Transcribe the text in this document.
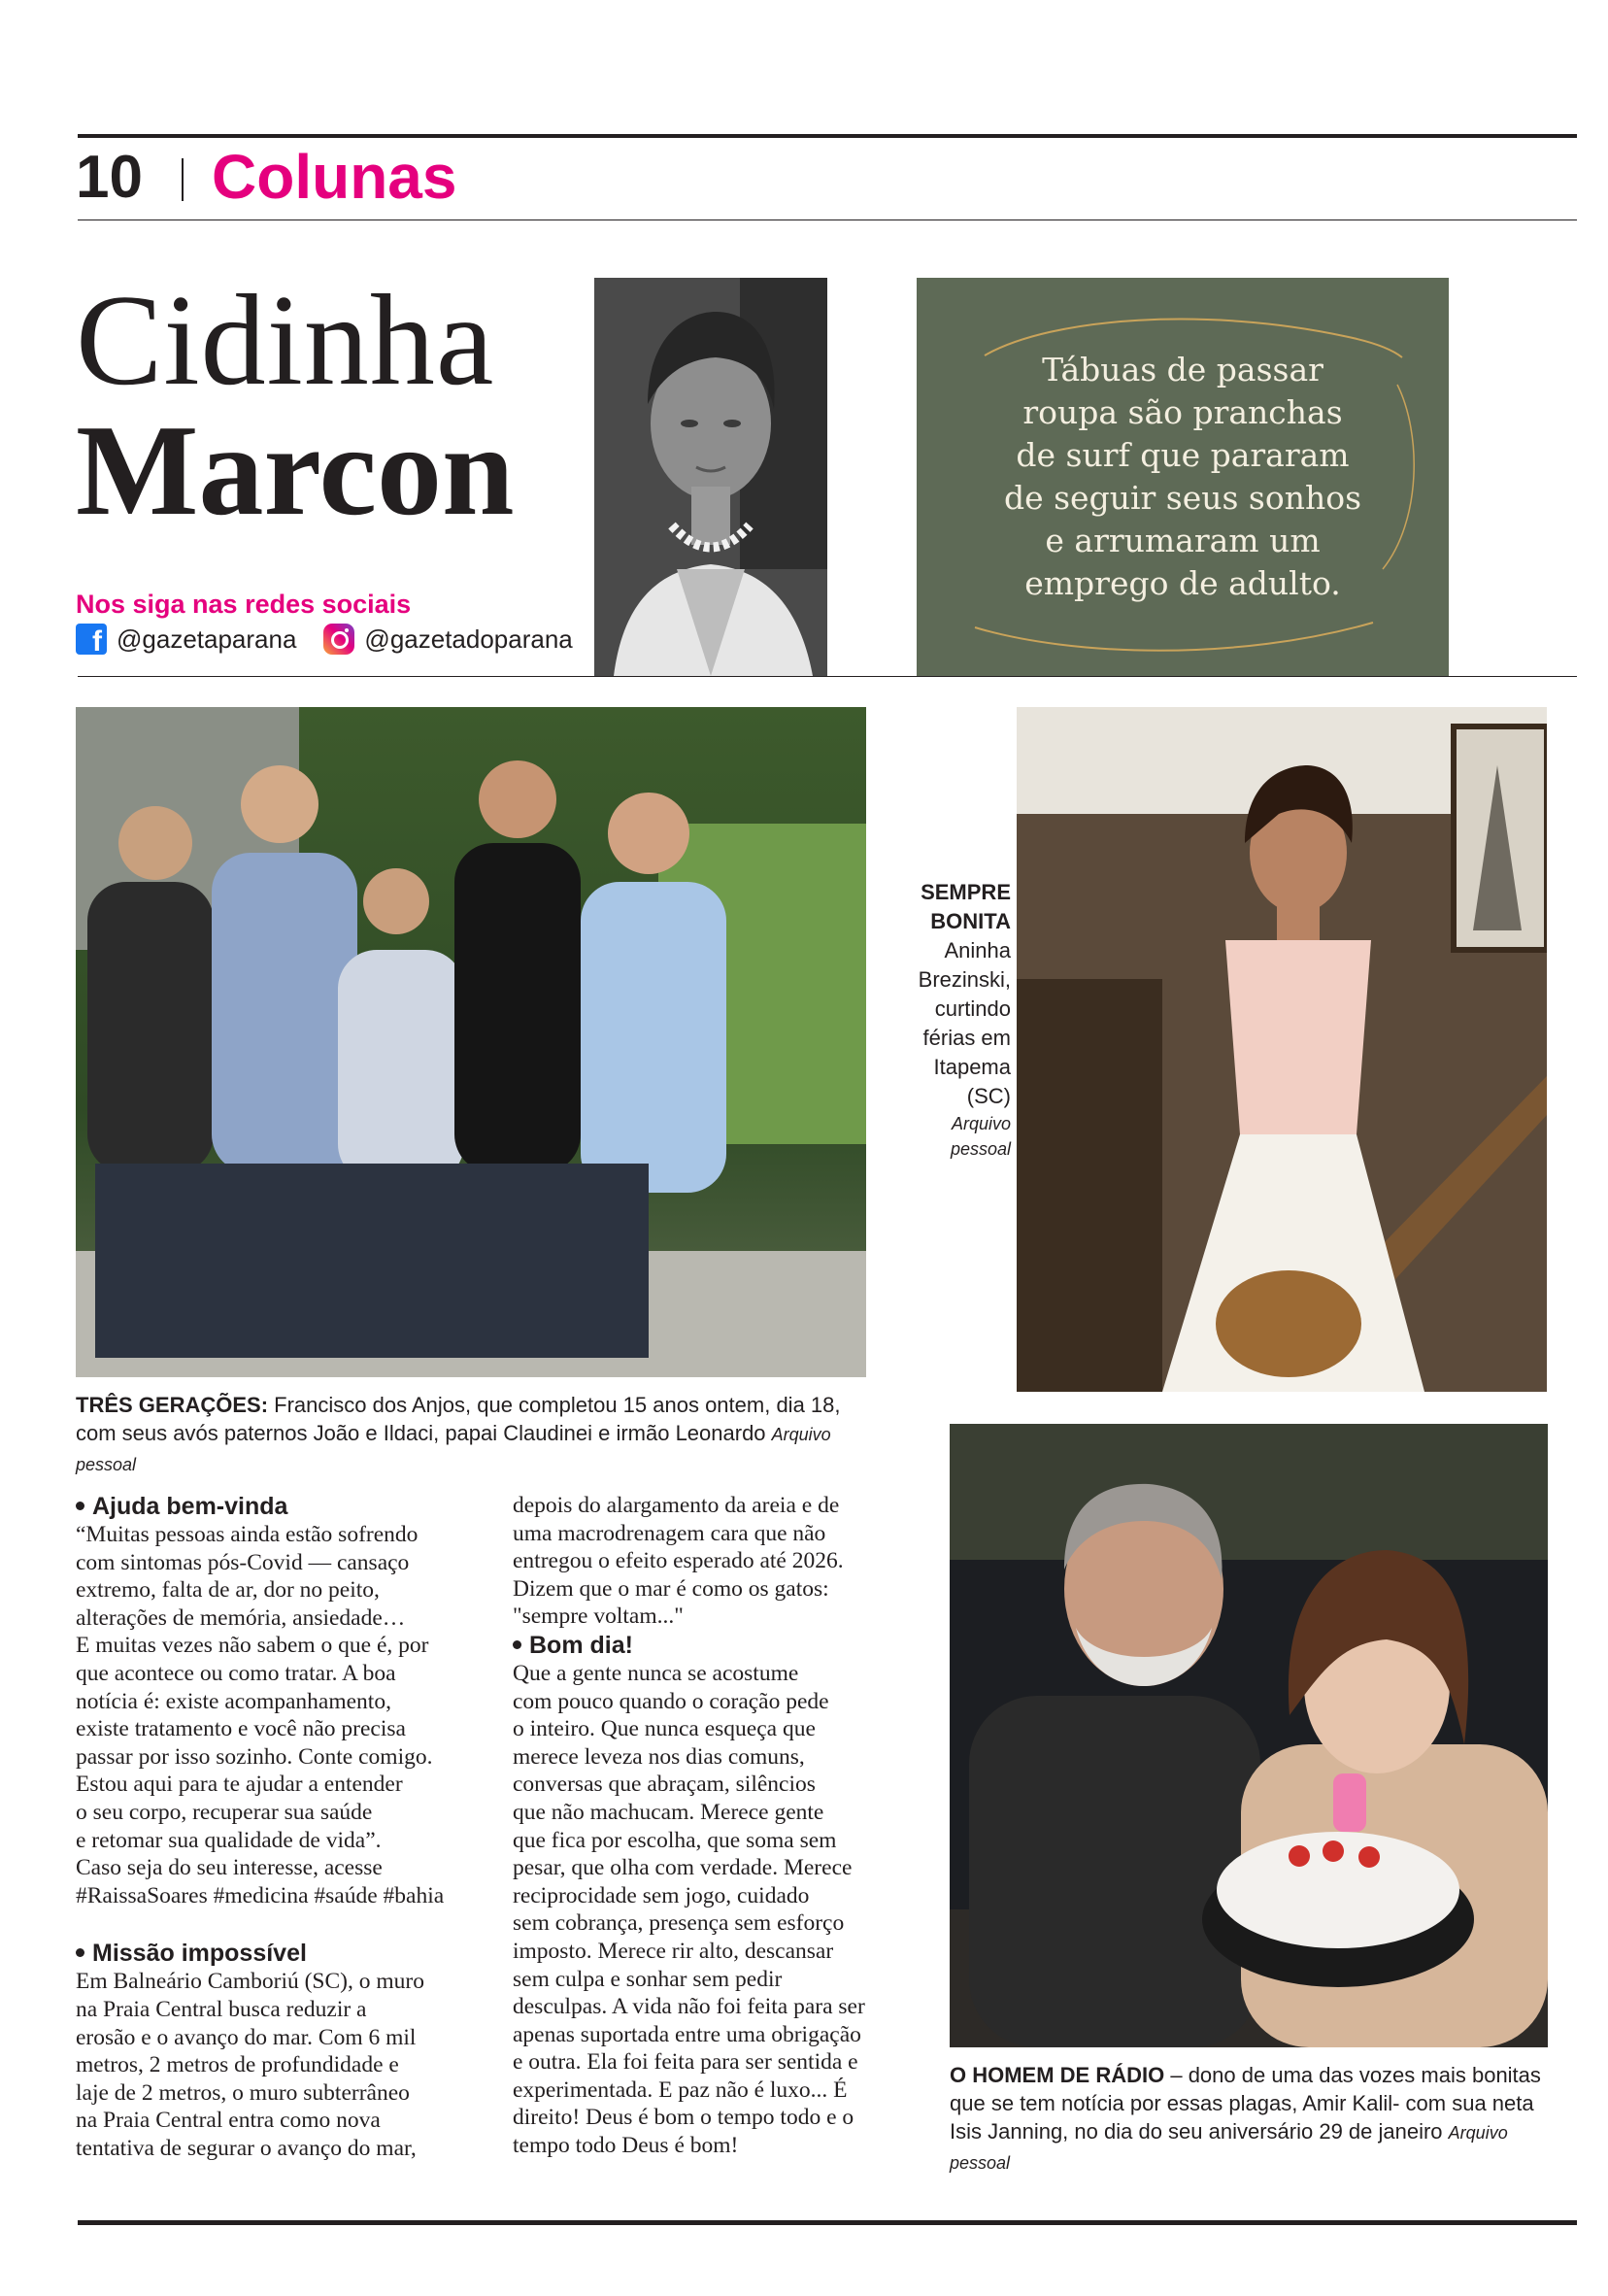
10 Colunas
Cidinha
Marcon
Nos siga nas redes sociais
f @gazetaparana	@gazetadoparana
Tábuas de passar
roupa são pranchas
de surf que pararam
de seguir seus sonhos
e arrumaram um
emprego de adulto.
TRÊS GERAÇÕES: Francisco dos Anjos, que completou 15 anos ontem, dia 18, com seus avós paternos João e Ildaci, papai Claudinei e irmão Leonardo Arquivo pessoal
SEMPRE
BONITA
Aninha
Brezinski,
curtindo
férias em
Itapema
(SC)
Arquivo
pessoal
O HOMEM DE RÁDIO – dono de uma das vozes mais bonitas que se tem notícia por essas plagas, Amir Kalil- com sua neta Isis Janning, no dia do seu aniversário 29 de janeiro Arquivo pessoal
Ajuda bem-vinda

“Muitas pessoas ainda estão sofrendo

com sintomas pós-Covid — cansaço

extremo, falta de ar, dor no peito,

alterações de memória, ansiedade…

E muitas vezes não sabem o que é, por

que acontece ou como tratar. A boa

notícia é: existe acompanhamento,

existe tratamento e você não precisa

passar por isso sozinho. Conte comigo.

Estou aqui para te ajudar a entender

o seu corpo, recuperar sua saúde

e retomar sua qualidade de vida”.

Caso seja do seu interesse, acesse

#RaissaSoares #medicina #saúde #bahia

Missão impossível

Em Balneário Camboriú (SC), o muro

na Praia Central busca reduzir a

erosão e o avanço do mar. Com 6 mil

metros, 2 metros de profundidade e

laje de 2 metros, o muro subterrâneo

na Praia Central entra como nova

tentativa de segurar o avanço do mar,

depois do alargamento da areia e de

uma macrodrenagem cara que não

entregou o efeito esperado até 2026.

Dizem que o mar é como os gatos:

"sempre voltam..."

Bom dia!

Que a gente nunca se acostume

com pouco quando o coração pede

o inteiro. Que nunca esqueça que

merece leveza nos dias comuns,

conversas que abraçam, silêncios

que não machucam. Merece gente

que fica por escolha, que soma sem

pesar, que olha com verdade. Merece

reciprocidade sem jogo, cuidado

sem cobrança, presença sem esforço

imposto. Merece rir alto, descansar

sem culpa e sonhar sem pedir

desculpas. A vida não foi feita para ser

apenas suportada entre uma obrigação

e outra. Ela foi feita para ser sentida e

experimentada. E paz não é luxo... É

direito! Deus é bom o tempo todo e o

tempo todo Deus é bom!
